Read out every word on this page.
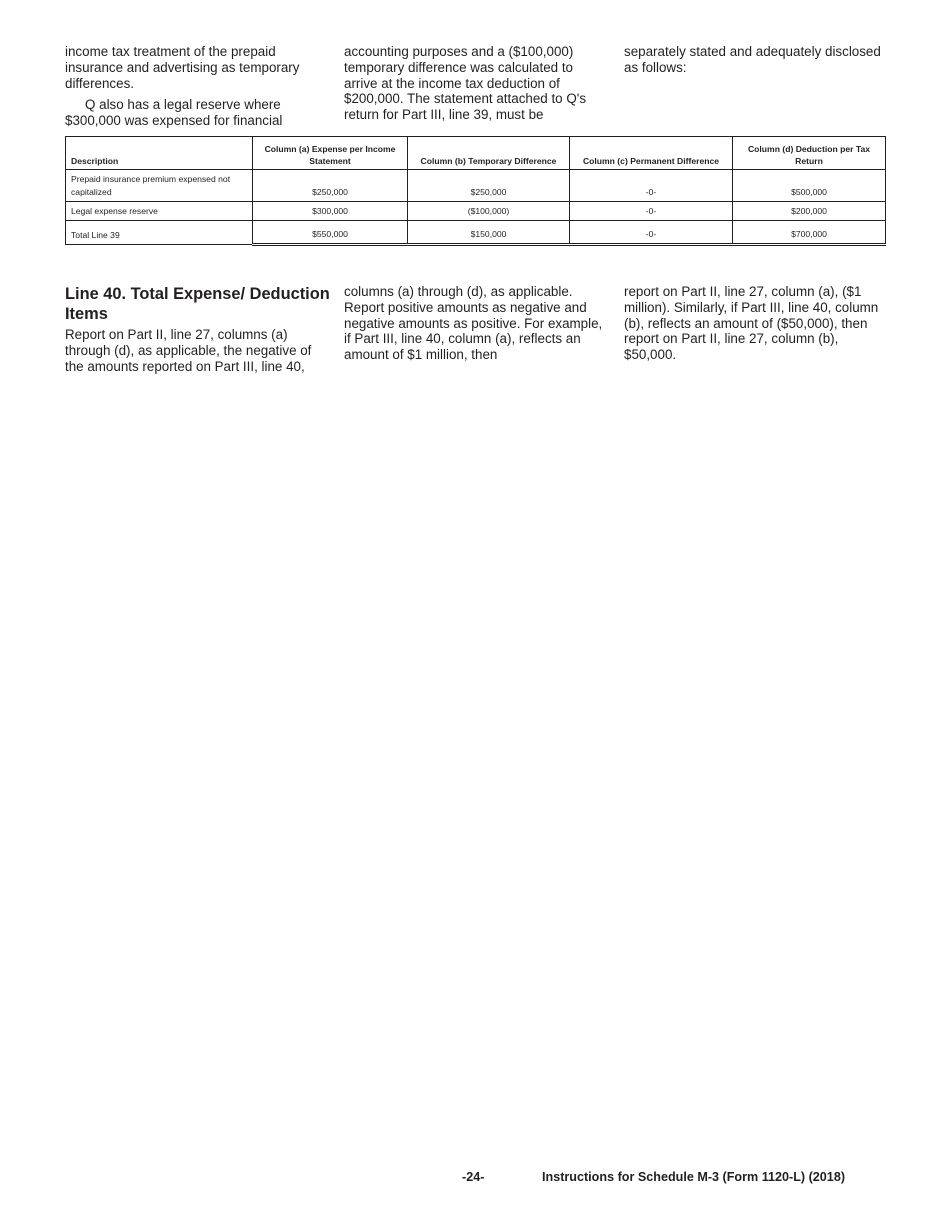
income tax treatment of the prepaid insurance and advertising as temporary differences.

Q also has a legal reserve where $300,000 was expensed for financial

accounting purposes and a ($100,000) temporary difference was calculated to arrive at the income tax deduction of $200,000. The statement attached to Q's return for Part III, line 39, must be

separately stated and adequately disclosed as follows:

Description	Column (a) Expense per Income Statement	Column (b) Temporary Difference	Column (c) Permanent Difference	Column (d) Deduction per Tax Return
Prepaid insurance premium expensed not capitalized	$250,000	$250,000	-0-	$500,000
Legal expense reserve	$300,000	($100,000)	-0-	$200,000
Total Line 39	$550,000	$150,000	-0-	$700,000
Line 40. Total Expense/ Deduction Items

Report on Part II, line 27, columns (a) through (d), as applicable, the negative of the amounts reported on Part III, line 40,

columns (a) through (d), as applicable. Report positive amounts as negative and negative amounts as positive. For example, if Part III, line 40, column (a), reflects an amount of $1 million, then

report on Part II, line 27, column (a), ($1 million). Similarly, if Part III, line 40, column (b), reflects an amount of ($50,000), then report on Part II, line 27, column (b), $50,000.

-24-	Instructions for Schedule M-3 (Form 1120-L) (2018)
